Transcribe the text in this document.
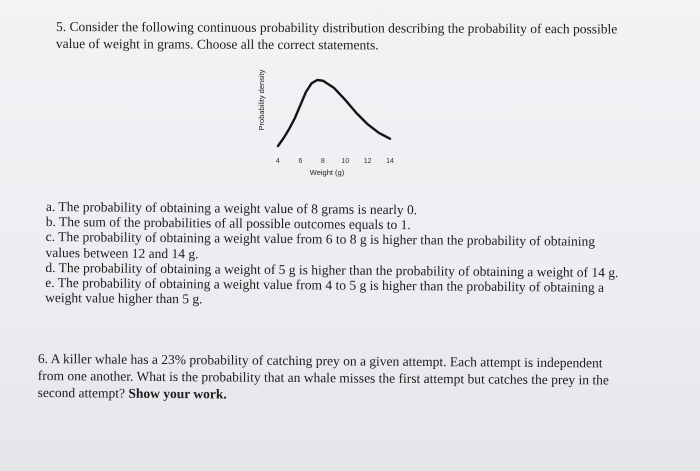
5. Consider the following continuous probability distribution describing the probability of each possible
value of weight in grams. Choose all the correct statements.
Probability density
4	6	8 10 12 14
Weight (g)
a. The probability of obtaining a weight value of 8 grams is nearly 0.
b. The sum of the probabilities of all possible outcomes equals to 1.
c. The probability of obtaining a weight value from 6 to 8 g is higher than the probability of obtaining
values between 12 and 14 g.
d. The probability of obtaining a weight of 5 g is higher than the probability of obtaining a weight of 14 g.
e. The probability of obtaining a weight value from 4 to 5 g is higher than the probability of obtaining a
weight value higher than 5 g.
6. A killer whale has a 23% probability of catching prey on a given attempt. Each attempt is independent
from one another. What is the probability that an whale misses the first attempt but catches the prey in the
second attempt? Show your work.
